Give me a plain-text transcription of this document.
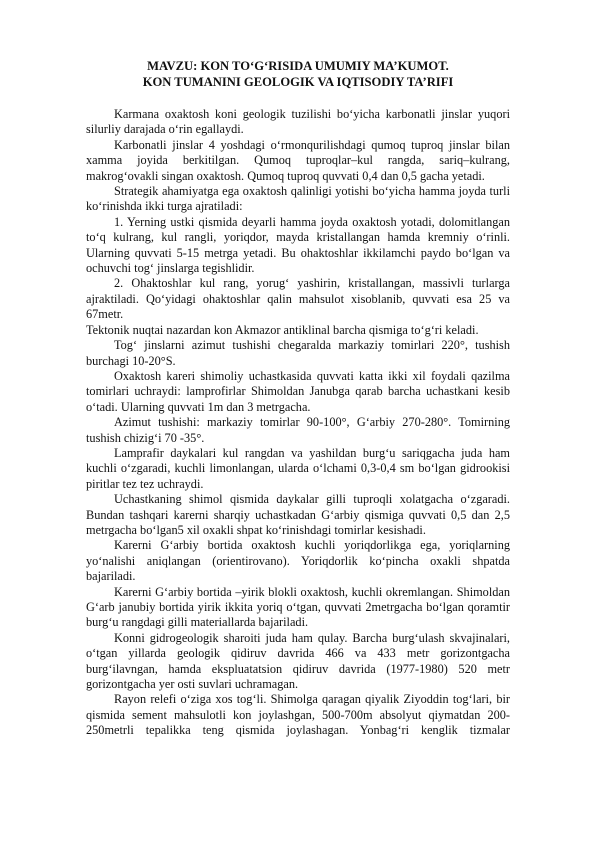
MAVZU: KON TO‘G‘RISIDA UMUMIY MA’KUMOT.

KON TUMANINI GEOLOGIK VA IQTISODIY TA’RIFI

Karmana oxaktosh koni geologik tuzilishi bo‘yicha karbonatli jinslar yuqori silurliy darajada o‘rin egallaydi.

Karbonatli jinslar 4 yoshdagi o‘rmonqurilishdagi qumoq tuproq jinslar bilan xamma joyida berkitilgan. Qumoq tuproqlar–kul rangda, sariq–kulrang, makrog‘ovakli singan oxaktosh. Qumoq tuproq quvvati 0,4 dan 0,5 gacha yetadi.

Strategik ahamiyatga ega oxaktosh qalinligi yotishi bo‘yicha hamma joyda turli ko‘rinishda ikki turga ajratiladi:

1. Yerning ustki qismida deyarli hamma joyda oxaktosh yotadi, dolomitlangan to‘q kulrang, kul rangli, yoriqdor, mayda kristallangan hamda kremniy o‘rinli. Ularning quvvati 5-15 metrga yetadi. Bu ohaktoshlar ikkilamchi paydo bo‘lgan va ochuvchi tog‘ jinslarga tegishlidir.

2. Ohaktoshlar kul rang, yorug‘ yashirin, kristallangan, massivli turlarga ajraktiladi. Qo‘yidagi ohaktoshlar qalin mahsulot xisoblanib, quvvati esa 25 va 67metr.

Tektonik nuqtai nazardan kon Akmazor antiklinal barcha qismiga to‘g‘ri keladi.

Tog‘ jinslarni azimut tushishi chegaralda markaziy tomirlari 220°, tushish burchagi 10-20°S.

Oxaktosh kareri shimoliy uchastkasida quvvati katta ikki xil foydali qazilma tomirlari uchraydi: lamprofirlar Shimoldan Janubga qarab barcha uchastkani kesib o‘tadi. Ularning quvvati 1m dan 3 metrgacha.

Azimut tushishi: markaziy tomirlar 90-100°, G‘arbiy 270-280°. Tomirning tushish chizig‘i 70 -35°.

Lamprafir daykalari kul rangdan va yashildan burg‘u sariqgacha juda ham kuchli o‘zgaradi, kuchli limonlangan, ularda o‘lchami 0,3-0,4 sm bo‘lgan gidrookisi piritlar tez tez uchraydi.

Uchastkaning shimol qismida daykalar gilli tuproqli xolatgacha o‘zgaradi. Bundan tashqari karerni sharqiy uchastkadan G‘arbiy qismiga quvvati 0,5 dan 2,5 metrgacha bo‘lgan5 xil oxakli shpat ko‘rinishdagi tomirlar kesishadi.

Karerni G‘arbiy bortida oxaktosh kuchli yoriqdorlikga ega, yoriqlarning yo‘nalishi aniqlangan (orientirovano). Yoriqdorlik ko‘pincha oxakli shpatda bajariladi.

Karerni G‘arbiy bortida –yirik blokli oxaktosh, kuchli okremlangan. Shimoldan G‘arb janubiy bortida yirik ikkita yoriq o‘tgan, quvvati 2metrgacha bo‘lgan qoramtir burg‘u rangdagi gilli materiallarda bajariladi.

Konni gidrogeologik sharoiti juda ham qulay. Barcha burg‘ulash skvajinalari, o‘tgan yillarda geologik qidiruv davrida 466 va 433 metr gorizontgacha burg‘ilavngan, hamda ekspluatatsion qidiruv davrida (1977-1980) 520 metr gorizontgacha yer osti suvlari uchramagan.

Rayon relefi o‘ziga xos tog‘li. Shimolga qaragan qiyalik Ziyoddin tog‘lari, bir qismida sement mahsulotli kon joylashgan, 500-700m absolyut qiymatdan 200-250metrli tepalikka teng qismida joylashagan. Yonbag‘ri kenglik tizmalar
